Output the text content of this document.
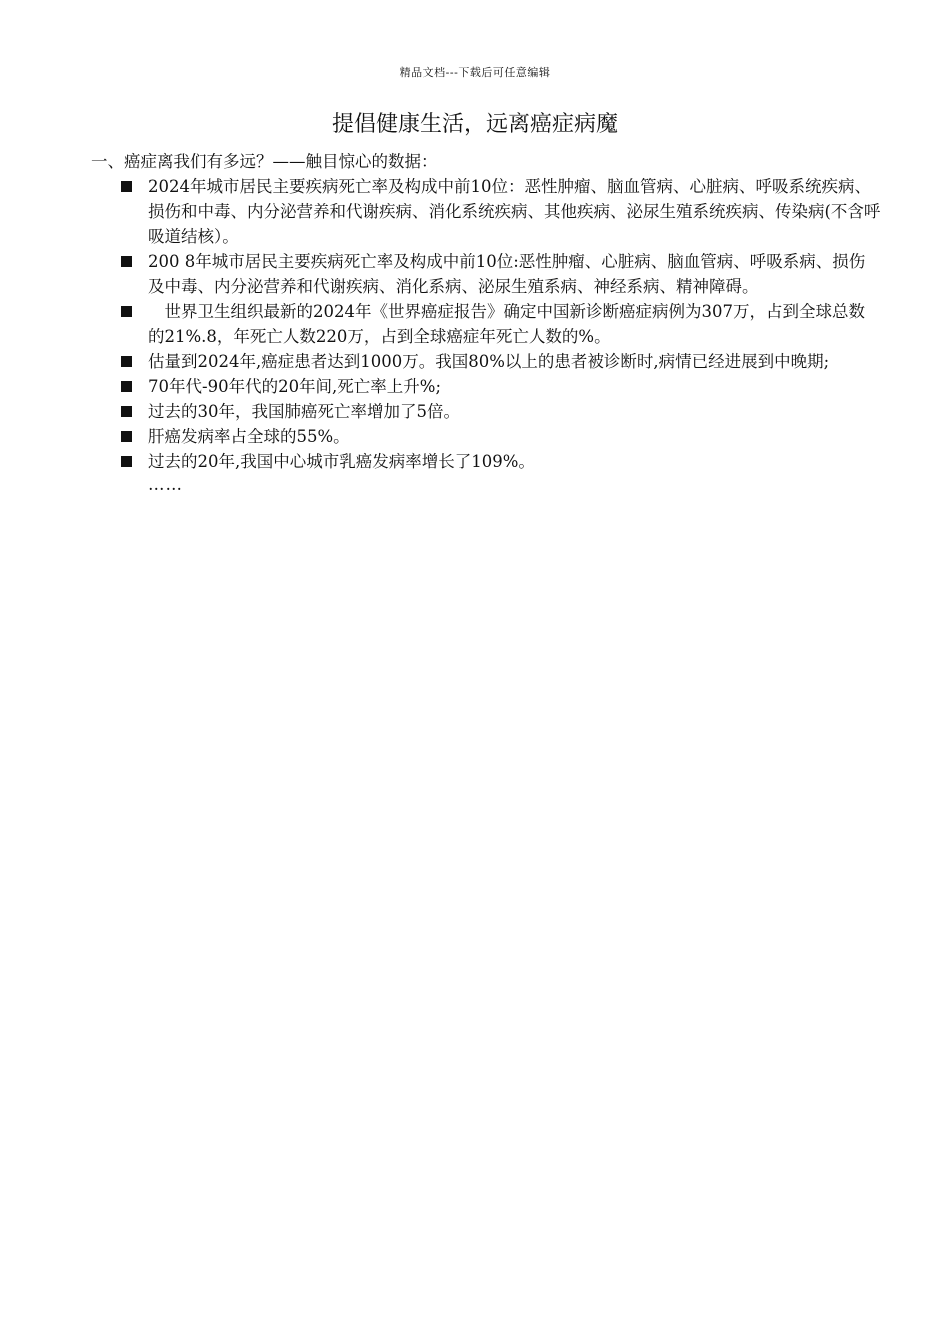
精品文档---下载后可任意编辑
提倡健康生活，远离癌症病魔
一、癌症离我们有多远？——触目惊心的数据：
2024年城市居民主要疾病死亡率及构成中前10位：恶性肿瘤、脑血管病、心脏病、呼吸系统疾病、损伤和中毒、内分泌营养和代谢疾病、消化系统疾病、其他疾病、泌尿生殖系统疾病、传染病(不含呼吸道结核）。
200 8年城市居民主要疾病死亡率及构成中前10位:恶性肿瘤、心脏病、脑血管病、呼吸系病、损伤及中毒、内分泌营养和代谢疾病、消化系病、泌尿生殖系病、神经系病、精神障碍。
　世界卫生组织最新的2024年《世界癌症报告》确定中国新诊断癌症病例为307万，占到全球总数的21%.8，年死亡人数220万，占到全球癌症年死亡人数的%。
估量到2024年,癌症患者达到1000万。我国80%以上的患者被诊断时,病情已经进展到中晚期;
70年代-90年代的20年间,死亡率上升%;
过去的30年，我国肺癌死亡率增加了5倍。
肝癌发病率占全球的55%。
过去的20年,我国中心城市乳癌发病率增长了109%。
……
